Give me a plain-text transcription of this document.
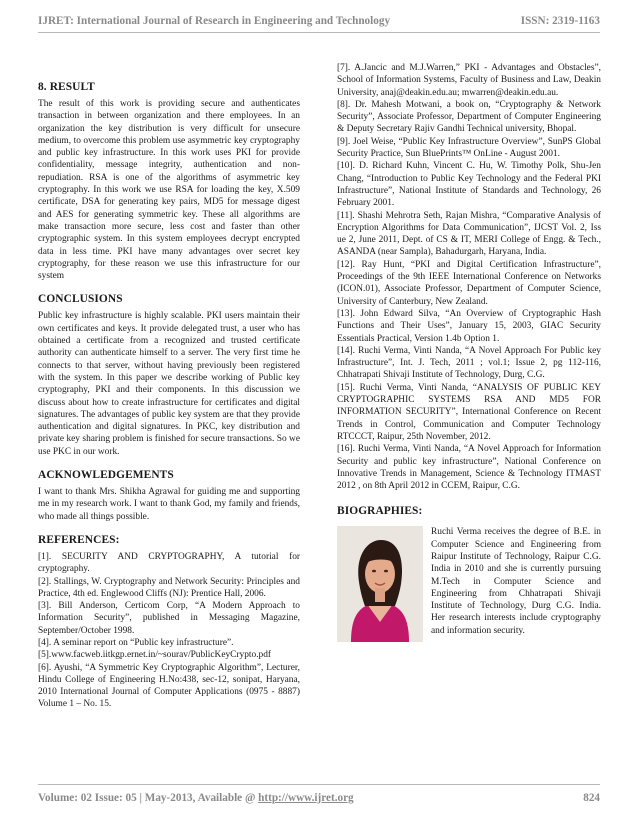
IJRET: International Journal of Research in Engineering and Technology	ISSN: 2319-1163
8. RESULT

The result of this work is providing secure and authenticates transaction in between organization and there employees. In an organization the key distribution is very difficult for unsecure medium, to overcome this problem use asymmetric key cryptography and public key infrastructure. In this work uses PKI for provide confidentiality, message integrity, authentication and non-repudiation. RSA is one of the algorithms of asymmetric key cryptography. In this work we use RSA for loading the key, X.509 certificate, DSA for generating key pairs, MD5 for message digest and AES for generating symmetric key. These all algorithms are make transaction more secure, less cost and faster than other cryptographic system. In this system employees decrypt encrypted data in less time. PKI have many advantages over secret key cryptography, for these reason we use this infrastructure for our system

CONCLUSIONS

Public key infrastructure is highly scalable. PKI users maintain their own certificates and keys. It provide delegated trust, a user who has obtained a certificate from a recognized and trusted certificate authority can authenticate himself to a server. The very first time he connects to that server, without having previously been registered with the system. In this paper we describe working of Public key cryptography, PKI and their components. In this discussion we discuss about how to create infrastructure for certificates and digital signatures. The advantages of public key system are that they provide authentication and digital signatures. In PKC, key distribution and private key sharing problem is finished for secure transactions. So we use PKC in our work.

ACKNOWLEDGEMENTS

I want to thank Mrs. Shikha Agrawal for guiding me and supporting me in my research work. I want to thank God, my family and friends, who made all things possible.

REFERENCES:

[1]. SECURITY AND CRYPTOGRAPHY, A tutorial for cryptography.

[2]. Stallings, W. Cryptography and Network Security: Principles and Practice, 4th ed. Englewood Cliffs (NJ): Prentice Hall, 2006.

[3]. Bill Anderson, Certicom Corp, “A Modern Approach to Information Security”, published in Messaging Magazine, September/October 1998.

[4]. A seminar report on “Public key infrastructure”.

[5].www.facweb.iitkgp.ernet.in/~sourav/PublicKeyCrypto.pdf

[6]. Ayushi, “A Symmetric Key Cryptographic Algorithm”, Lecturer, Hindu College of Engineering H.No:438, sec-12, sonipat, Haryana, 2010 International Journal of Computer Applications (0975 - 8887) Volume 1 – No. 15.

[7]. A.Jancic and M.J.Warren,” PKI - Advantages and Obstacles”, School of Information Systems, Faculty of Business and Law, Deakin University, anaj@deakin.edu.au; mwarren@deakin.edu.au.

[8]. Dr. Mahesh Motwani, a book on, “Cryptography & Network Security”, Associate Professor, Department of Computer Engineering & Deputy Secretary Rajiv Gandhi Technical university, Bhopal.

[9]. Joel Weise, “Public Key Infrastructure Overview”, SunPS Global Security Practice, Sun BluePrints™ OnLine - August 2001.

[10]. D. Richard Kuhn, Vincent C. Hu, W. Timothy Polk, Shu-Jen Chang, “Introduction to Public Key Technology and the Federal PKI Infrastructure”, National Institute of Standards and Technology, 26 February 2001.

[11]. Shashi Mehrotra Seth, Rajan Mishra, “Comparative Analysis of Encryption Algorithms for Data Communication”, IJCST Vol. 2, Iss ue 2, June 2011, Dept. of CS & IT, MERI College of Engg. & Tech., ASANDA (near Sampla), Bahadurgarh, Haryana, India.

[12]. Ray Hunt, “PKI and Digital Certification Infrastructure”, Proceedings of the 9th IEEE International Conference on Networks (ICON.01), Associate Professor, Department of Computer Science, University of Canterbury, New Zealand.

[13]. John Edward Silva, “An Overview of Cryptographic Hash Functions and Their Uses”, January 15, 2003, GIAC Security Essentials Practical, Version 1.4b Option 1.

[14]. Ruchi Verma, Vinti Nanda, “A Novel Approach For Public key Infrastructure”, Int. J. Tech, 2011 ; vol.1; Issue 2, pg 112-116, Chhatrapati Shivaji Institute of Technology, Durg, C.G.

[15]. Ruchi Verma, Vinti Nanda, “ANALYSIS OF PUBLIC KEY CRYPTOGRAPHIC SYSTEMS RSA AND MD5 FOR INFORMATION SECURITY”, International Conference on Recent Trends in Control, Communication and Computer Technology RTCCCT, Raipur, 25th November, 2012.

[16]. Ruchi Verma, Vinti Nanda, “A Novel Approach for Information Security and public key infrastructure”, National Conference on Innovative Trends in Management, Science & Technology ITMAST 2012 , on 8th April 2012 in CCEM, Raipur, C.G.

BIOGRAPHIES:

Ruchi Verma receives the degree of B.E. in Computer Science and Engineering from Raipur Institute of Technology, Raipur C.G. India in 2010 and she is currently pursuing M.Tech in Computer Science and Engineering from Chhatrapati Shivaji Institute of Technology, Durg C.G. India. Her research interests include cryptography and information security.

Volume: 02 Issue: 05 | May-2013, Available @ http://www.ijret.org	824
